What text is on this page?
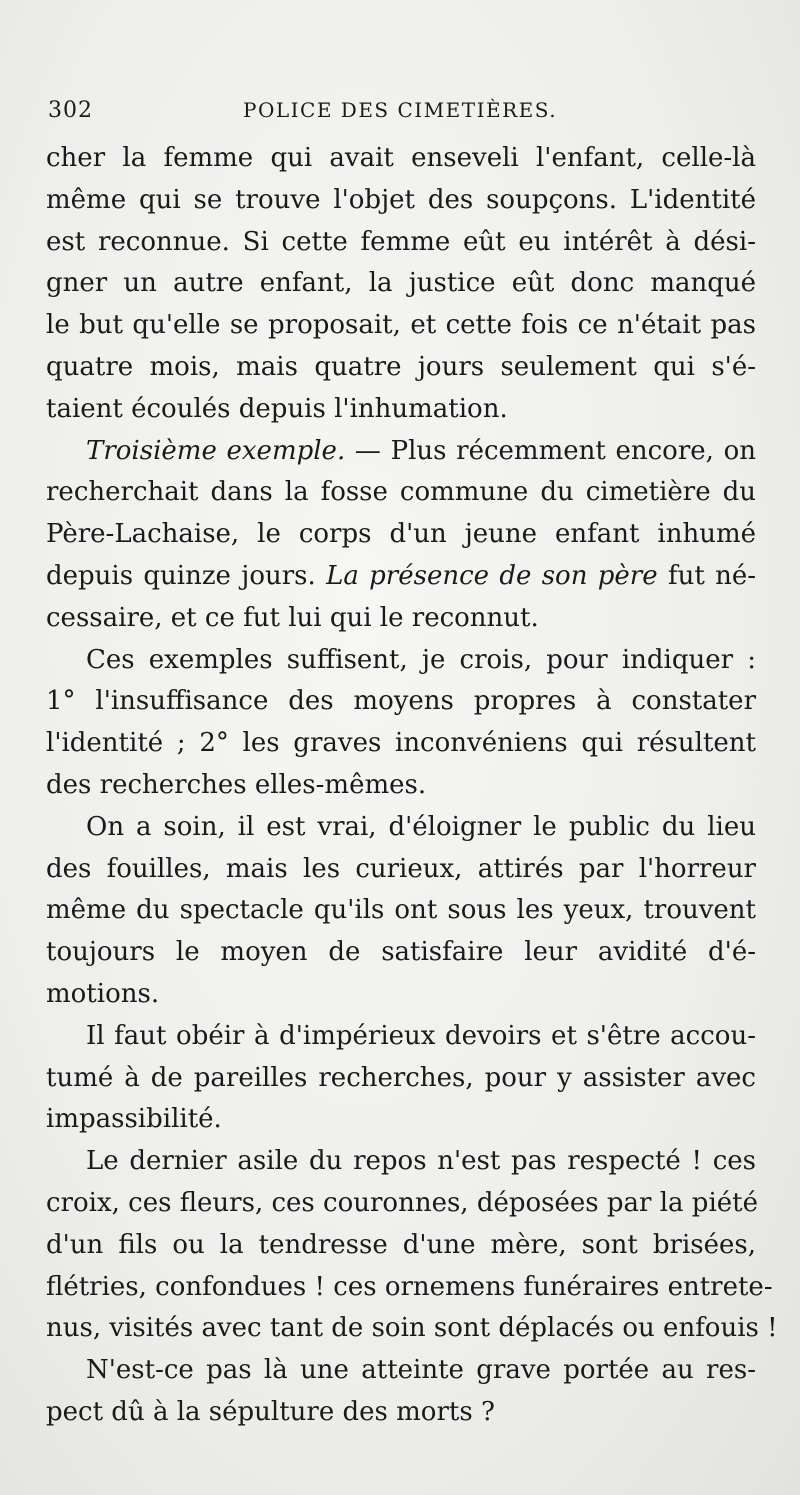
302	POLICE DES CIMETIÈRES.
cher la femme qui avait enseveli l'enfant, celle-là
même qui se trouve l'objet des soupçons. L'identité
est reconnue. Si cette femme eût eu intérêt à dési-
gner un autre enfant, la justice eût donc manqué
le but qu'elle se proposait, et cette fois ce n'était pas
quatre mois, mais quatre jours seulement qui s'é-
taient écoulés depuis l'inhumation.
Troisième exemple. — Plus récemment encore, on
recherchait dans la fosse commune du cimetière du
Père-Lachaise, le corps d'un jeune enfant inhumé
depuis quinze jours. La présence de son père fut né-
cessaire, et ce fut lui qui le reconnut.
Ces exemples suffisent, je crois, pour indiquer :
1° l'insuffisance des moyens propres à constater
l'identité ; 2° les graves inconvéniens qui résultent
des recherches elles-mêmes.
On a soin, il est vrai, d'éloigner le public du lieu
des fouilles, mais les curieux, attirés par l'horreur
même du spectacle qu'ils ont sous les yeux, trouvent
toujours le moyen de satisfaire leur avidité d'é-
motions.
Il faut obéir à d'impérieux devoirs et s'être accou-
tumé à de pareilles recherches, pour y assister avec
impassibilité.
Le dernier asile du repos n'est pas respecté ! ces
croix, ces fleurs, ces couronnes, déposées par la piété
d'un fils ou la tendresse d'une mère, sont brisées,
flétries, confondues ! ces ornemens funéraires entrete-
nus, visités avec tant de soin sont déplacés ou enfouis !
N'est-ce pas là une atteinte grave portée au res-
pect dû à la sépulture des morts ?
